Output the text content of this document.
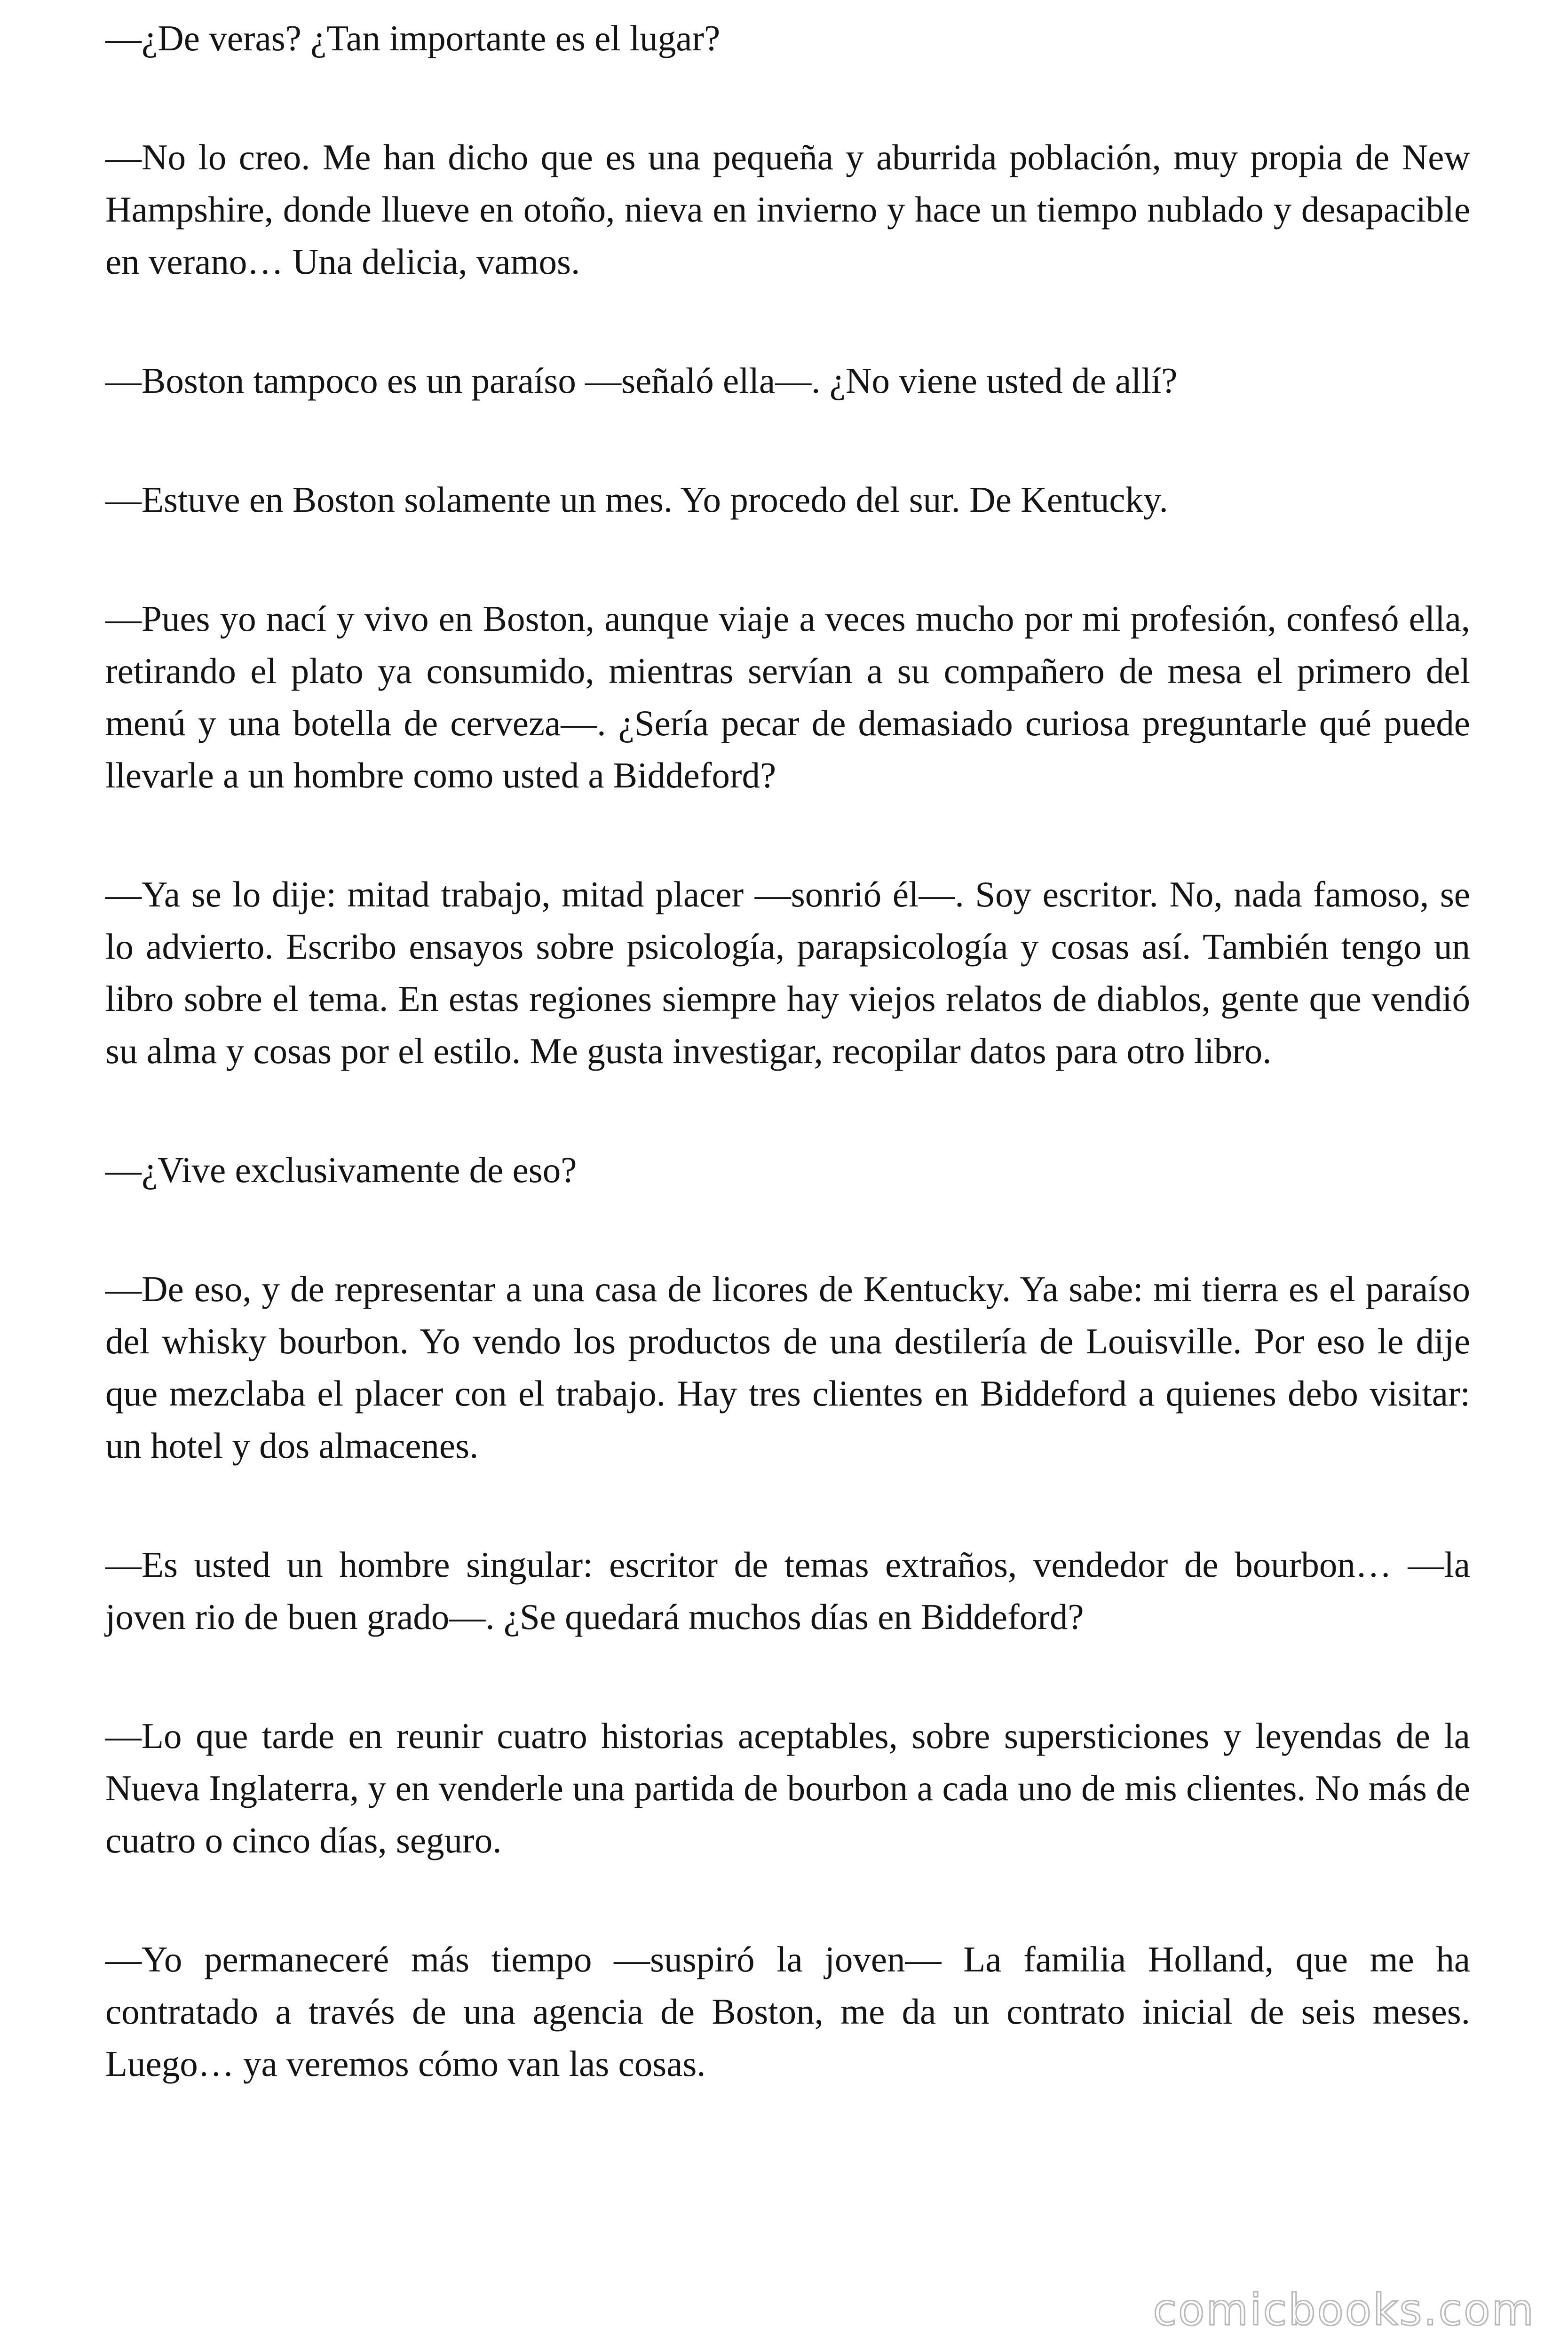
—¿De veras? ¿Tan importante es el lugar?

—No lo creo. Me han dicho que es una pequeña y aburrida población, muy propia de New Hampshire, donde llueve en otoño, nieva en invierno y hace un tiempo nublado y desapacible en verano… Una delicia, vamos.

—Boston tampoco es un paraíso —señaló ella—. ¿No viene usted de allí?

—Estuve en Boston solamente un mes. Yo procedo del sur. De Kentucky.

—Pues yo nací y vivo en Boston, aunque viaje a veces mucho por mi profesión, confesó ella, retirando el plato ya consumido, mientras servían a su compañero de mesa el primero del menú y una botella de cerveza—. ¿Sería pecar de demasiado curiosa preguntarle qué puede llevarle a un hombre como usted a Biddeford?

—Ya se lo dije: mitad trabajo, mitad placer —sonrió él—. Soy escritor. No, nada famoso, se lo advierto. Escribo ensayos sobre psicología, parapsicología y cosas así. También tengo un libro sobre el tema. En estas regiones siempre hay viejos relatos de diablos, gente que vendió su alma y cosas por el estilo. Me gusta investigar, recopilar datos para otro libro.

—¿Vive exclusivamente de eso?

—De eso, y de representar a una casa de licores de Kentucky. Ya sabe: mi tierra es el paraíso del whisky bourbon. Yo vendo los productos de una destilería de Louisville. Por eso le dije que mezclaba el placer con el trabajo. Hay tres clientes en Biddeford a quienes debo visitar: un hotel y dos almacenes.

—Es usted un hombre singular: escritor de temas extraños, vendedor de bourbon… —la joven rio de buen grado—. ¿Se quedará muchos días en Biddeford?

—Lo que tarde en reunir cuatro historias aceptables, sobre supersticiones y leyendas de la Nueva Inglaterra, y en venderle una partida de bourbon a cada uno de mis clientes. No más de cuatro o cinco días, seguro.

—Yo permaneceré más tiempo —suspiró la joven— La familia Holland, que me ha contratado a través de una agencia de Boston, me da un contrato inicial de seis meses. Luego… ya veremos cómo van las cosas.

comicbooks.com
